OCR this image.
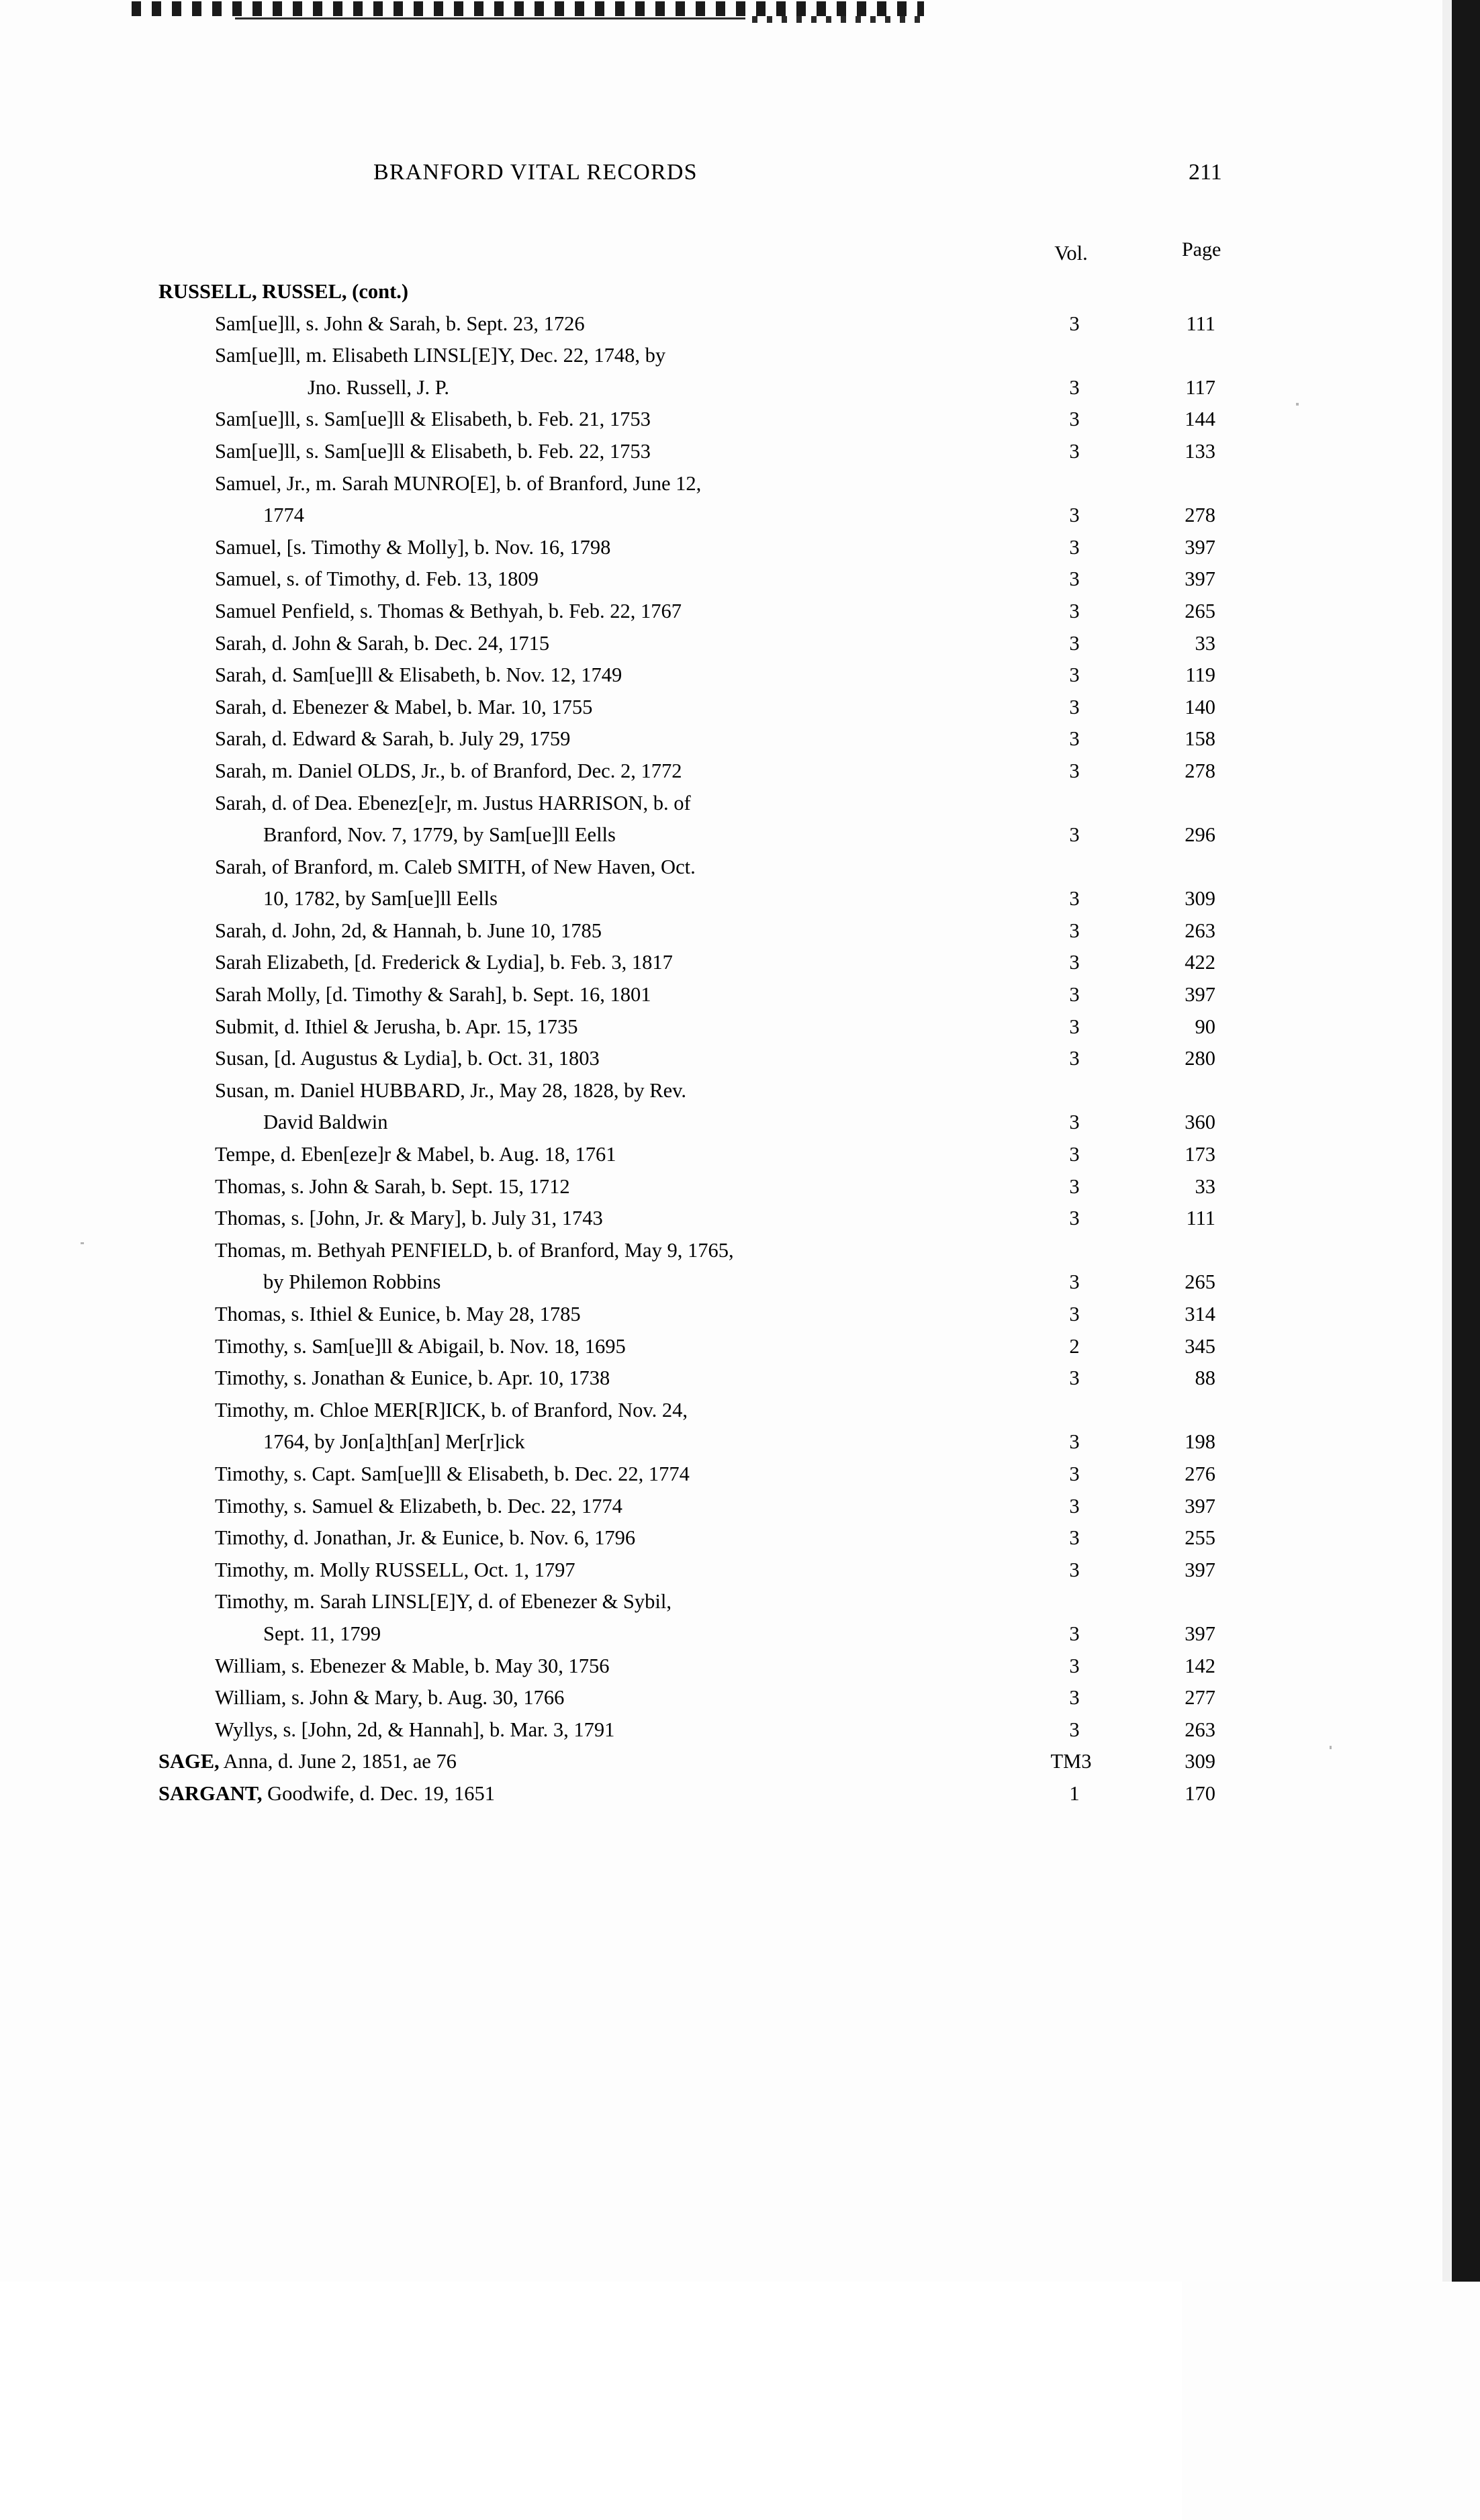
BRANFORD VITAL RECORDS	211
Vol.	Page
RUSSELL, RUSSEL, (cont.)
Sam[ue]ll, s. John & Sarah, b. Sept. 23, 1726	3	111
Sam[ue]ll, m. Elisabeth LINSL[E]Y, Dec. 22, 1748, by
Jno. Russell, J. P.	3	117
Sam[ue]ll, s. Sam[ue]ll & Elisabeth, b. Feb. 21, 1753	3	144
Sam[ue]ll, s. Sam[ue]ll & Elisabeth, b. Feb. 22, 1753	3	133
Samuel, Jr., m. Sarah MUNRO[E], b. of Branford, June 12,
1774	3	278
Samuel, [s. Timothy & Molly], b. Nov. 16, 1798	3	397
Samuel, s. of Timothy, d. Feb. 13, 1809	3	397
Samuel Penfield, s. Thomas & Bethyah, b. Feb. 22, 1767	3	265
Sarah, d. John & Sarah, b. Dec. 24, 1715	3	33
Sarah, d. Sam[ue]ll & Elisabeth, b. Nov. 12, 1749	3	119
Sarah, d. Ebenezer & Mabel, b. Mar. 10, 1755	3	140
Sarah, d. Edward & Sarah, b. July 29, 1759	3	158
Sarah, m. Daniel OLDS, Jr., b. of Branford, Dec. 2, 1772	3	278
Sarah, d. of Dea. Ebenez[e]r, m. Justus HARRISON, b. of
Branford, Nov. 7, 1779, by Sam[ue]ll Eells	3	296
Sarah, of Branford, m. Caleb SMITH, of New Haven, Oct.
10, 1782, by Sam[ue]ll Eells	3	309
Sarah, d. John, 2d, & Hannah, b. June 10, 1785	3	263
Sarah Elizabeth, [d. Frederick & Lydia], b. Feb. 3, 1817	3	422
Sarah Molly, [d. Timothy & Sarah], b. Sept. 16, 1801	3	397
Submit, d. Ithiel & Jerusha, b. Apr. 15, 1735	3	90
Susan, [d. Augustus & Lydia], b. Oct. 31, 1803	3	280
Susan, m. Daniel HUBBARD, Jr., May 28, 1828, by Rev.
David Baldwin	3	360
Tempe, d. Eben[eze]r & Mabel, b. Aug. 18, 1761	3	173
Thomas, s. John & Sarah, b. Sept. 15, 1712	3	33
Thomas, s. [John, Jr. & Mary], b. July 31, 1743	3	111
Thomas, m. Bethyah PENFIELD, b. of Branford, May 9, 1765,
by Philemon Robbins	3	265
Thomas, s. Ithiel & Eunice, b. May 28, 1785	3	314
Timothy, s. Sam[ue]ll & Abigail, b. Nov. 18, 1695	2	345
Timothy, s. Jonathan & Eunice, b. Apr. 10, 1738	3	88
Timothy, m. Chloe MER[R]ICK, b. of Branford, Nov. 24,
1764, by Jon[a]th[an] Mer[r]ick	3	198
Timothy, s. Capt. Sam[ue]ll & Elisabeth, b. Dec. 22, 1774	3	276
Timothy, s. Samuel & Elizabeth, b. Dec. 22, 1774	3	397
Timothy, d. Jonathan, Jr. & Eunice, b. Nov. 6, 1796	3	255
Timothy, m. Molly RUSSELL, Oct. 1, 1797	3	397
Timothy, m. Sarah LINSL[E]Y, d. of Ebenezer & Sybil,
Sept. 11, 1799	3	397
William, s. Ebenezer & Mable, b. May 30, 1756	3	142
William, s. John & Mary, b. Aug. 30, 1766	3	277
Wyllys, s. [John, 2d, & Hannah], b. Mar. 3, 1791	3	263
SAGE, Anna, d. June 2, 1851, ae 76	TM3	309
SARGANT, Goodwife, d. Dec. 19, 1651	1	170
